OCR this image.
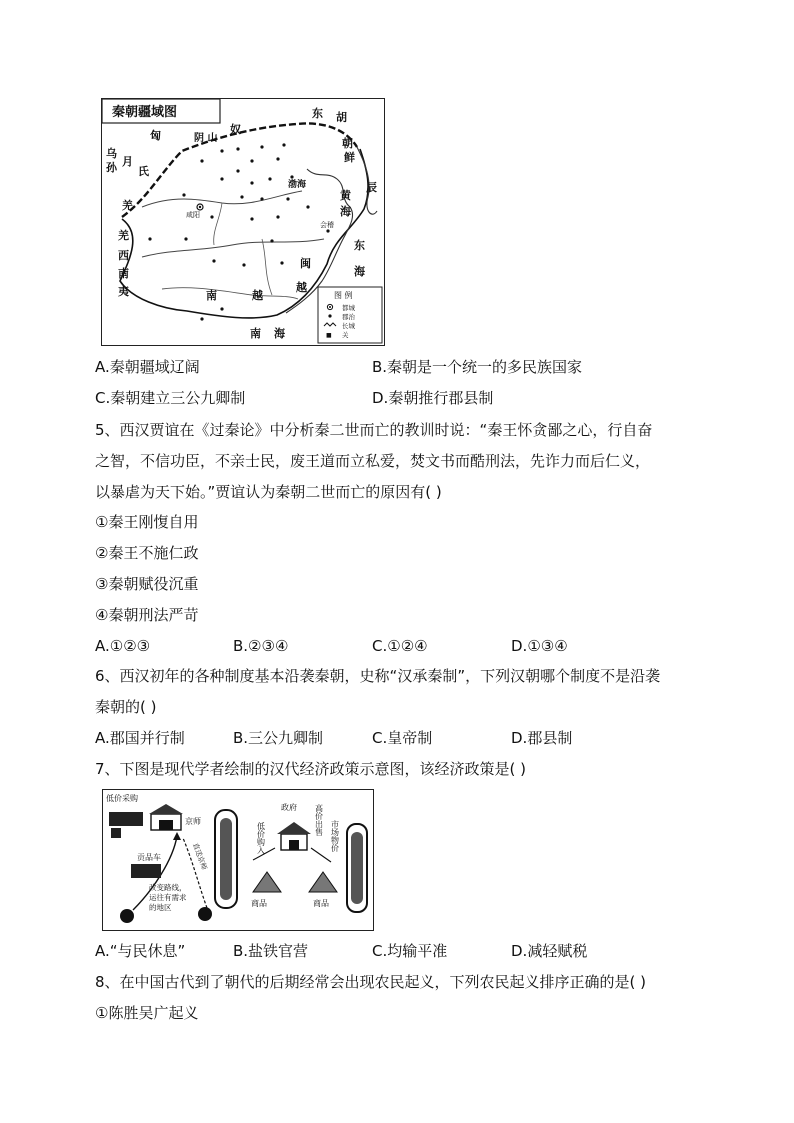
秦朝疆域图
匈	奴
阴 山
东 胡
朝
鲜
乌
孙 月
氏
羌
羌
西
南
夷
渤海
黄
海
东
海
闽
越
南	越
南 海
辰
咸阳
会稽
图 例
都城
郡治
长城
■ 关
A.秦朝疆域辽阔	B.秦朝是一个统一的多民族国家
C.秦朝建立三公九卿制	D.秦朝推行郡县制
5、西汉贾谊在《过秦论》中分析秦二世而亡的教训时说：“秦王怀贪鄙之心，行自奋
之智，不信功臣，不亲士民，废王道而立私爱，焚文书而酷刑法，先诈力而后仁义，
以暴虐为天下始。”贾谊认为秦朝二世而亡的原因有( )
①秦王刚愎自用
②秦王不施仁政
③秦朝赋役沉重
④秦朝刑法严苛
A.①②③	B.②③④	C.①②④	D.①③④
6、西汉初年的各种制度基本沿袭秦朝，史称“汉承秦制”，下列汉朝哪个制度不是沿袭
秦朝的( )
A.郡国并行制	B.三公九卿制	C.皇帝制	D.郡县制
7、下图是现代学者绘制的汉代经济政策示意图，该经济政策是( )
低价采购
京师
直送京师
贡品车
改变路线，
运往有需求
的地区
政府
低价购入
高价出售 市场物价
商品	商品
A.“与民休息”	B.盐铁官营	C.均输平准	D.减轻赋税
8、在中国古代到了朝代的后期经常会出现农民起义，下列农民起义排序正确的是( )
①陈胜吴广起义
